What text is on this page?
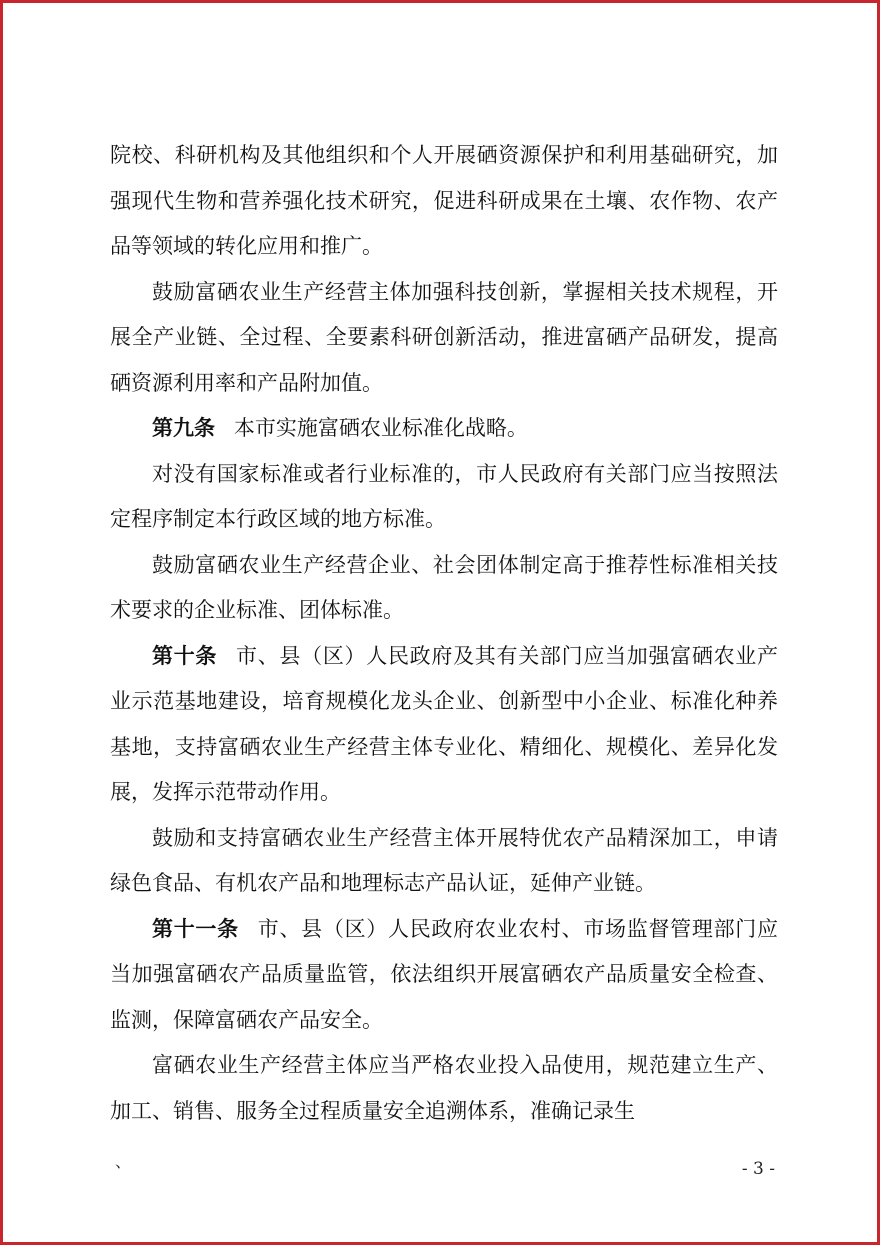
院校、科研机构及其他组织和个人开展硒资源保护和利用基础研究，加强现代生物和营养强化技术研究，促进科研成果在土壤、农作物、农产品等领域的转化应用和推广。

鼓励富硒农业生产经营主体加强科技创新，掌握相关技术规程，开展全产业链、全过程、全要素科研创新活动，推进富硒产品研发，提高硒资源利用率和产品附加值。

第九条 本市实施富硒农业标准化战略。

对没有国家标准或者行业标准的，市人民政府有关部门应当按照法定程序制定本行政区域的地方标准。

鼓励富硒农业生产经营企业、社会团体制定高于推荐性标准相关技术要求的企业标准、团体标准。

第十条 市、县（区）人民政府及其有关部门应当加强富硒农业产业示范基地建设，培育规模化龙头企业、创新型中小企业、标准化种养基地，支持富硒农业生产经营主体专业化、精细化、规模化、差异化发展，发挥示范带动作用。

鼓励和支持富硒农业生产经营主体开展特优农产品精深加工，申请绿色食品、有机农产品和地理标志产品认证，延伸产业链。

第十一条 市、县（区）人民政府农业农村、市场监督管理部门应当加强富硒农产品质量监管，依法组织开展富硒农产品质量安全检查、监测，保障富硒农产品安全。

富硒农业生产经营主体应当严格农业投入品使用，规范建立生产、加工、销售、服务全过程质量安全追溯体系，准确记录生

、	- 3 -
